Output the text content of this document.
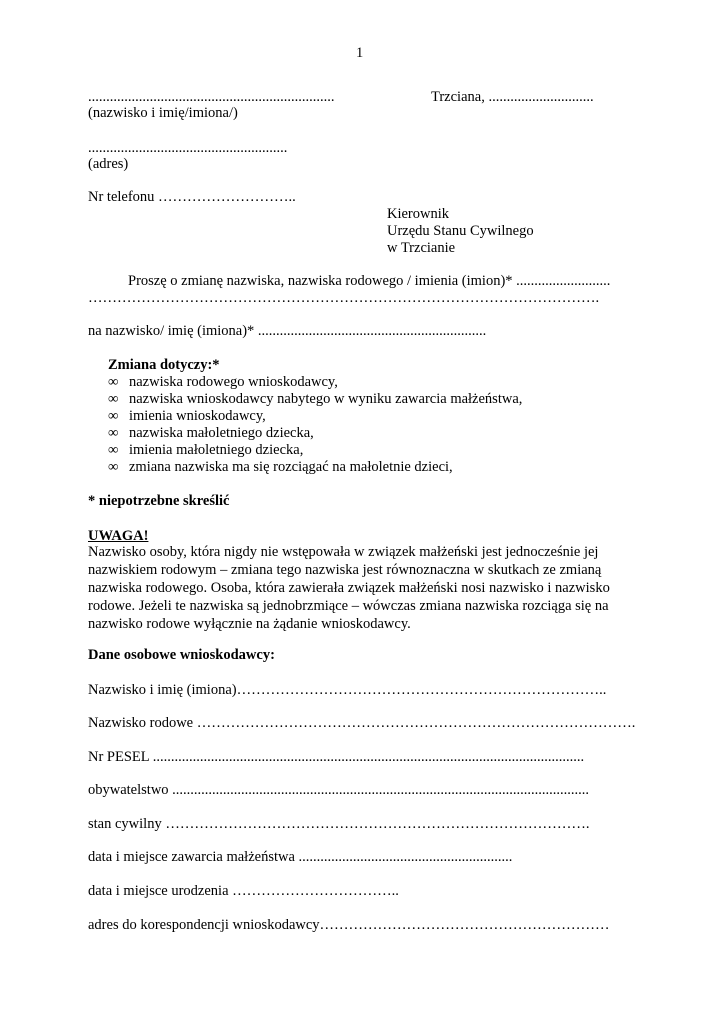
1
....................................................................
(nazwisko i imię/imiona/)
Trzciana, .............................
.......................................................
(adres)
Nr telefonu ………………………..
Kierownik
Urzędu Stanu Cywilnego
w Trzcianie
Proszę o zmianę nazwiska, nazwiska rodowego / imienia (imion)* ..........................
…………………………………………………………………………………………….
na nazwisko/ imię (imiona)* ...............................................................
Zmiana dotyczy:*
∞ nazwiska rodowego wnioskodawcy,
∞ nazwiska wnioskodawcy nabytego w wyniku zawarcia małżeństwa,
∞ imienia wnioskodawcy,
∞ nazwiska małoletniego dziecka,
∞ imienia małoletniego dziecka,
∞ zmiana nazwiska ma się rozciągać na małoletnie dzieci,
* niepotrzebne skreślić
UWAGA!
Nazwisko osoby, która nigdy nie wstępowała w związek małżeński jest jednocześnie jej
nazwiskiem rodowym – zmiana tego nazwiska jest równoznaczna w skutkach ze zmianą
nazwiska rodowego. Osoba, która zawierała związek małżeński nosi nazwisko i nazwisko
rodowe. Jeżeli te nazwiska są jednobrzmiące – wówczas zmiana nazwiska rozciąga się na
nazwisko rodowe wyłącznie na żądanie wnioskodawcy.
Dane osobowe wnioskodawcy:
Nazwisko i imię (imiona)…………………………………………………………………..
Nazwisko rodowe ……………………………………………………………………………….
Nr PESEL .......................................................................................................................
obywatelstwo ...................................................................................................................
stan cywilny …………………………………………………………………………….
data i miejsce zawarcia małżeństwa ...........................................................
data i miejsce urodzenia ……………………………..
adres do korespondencji wnioskodawcy……………………………………………………
